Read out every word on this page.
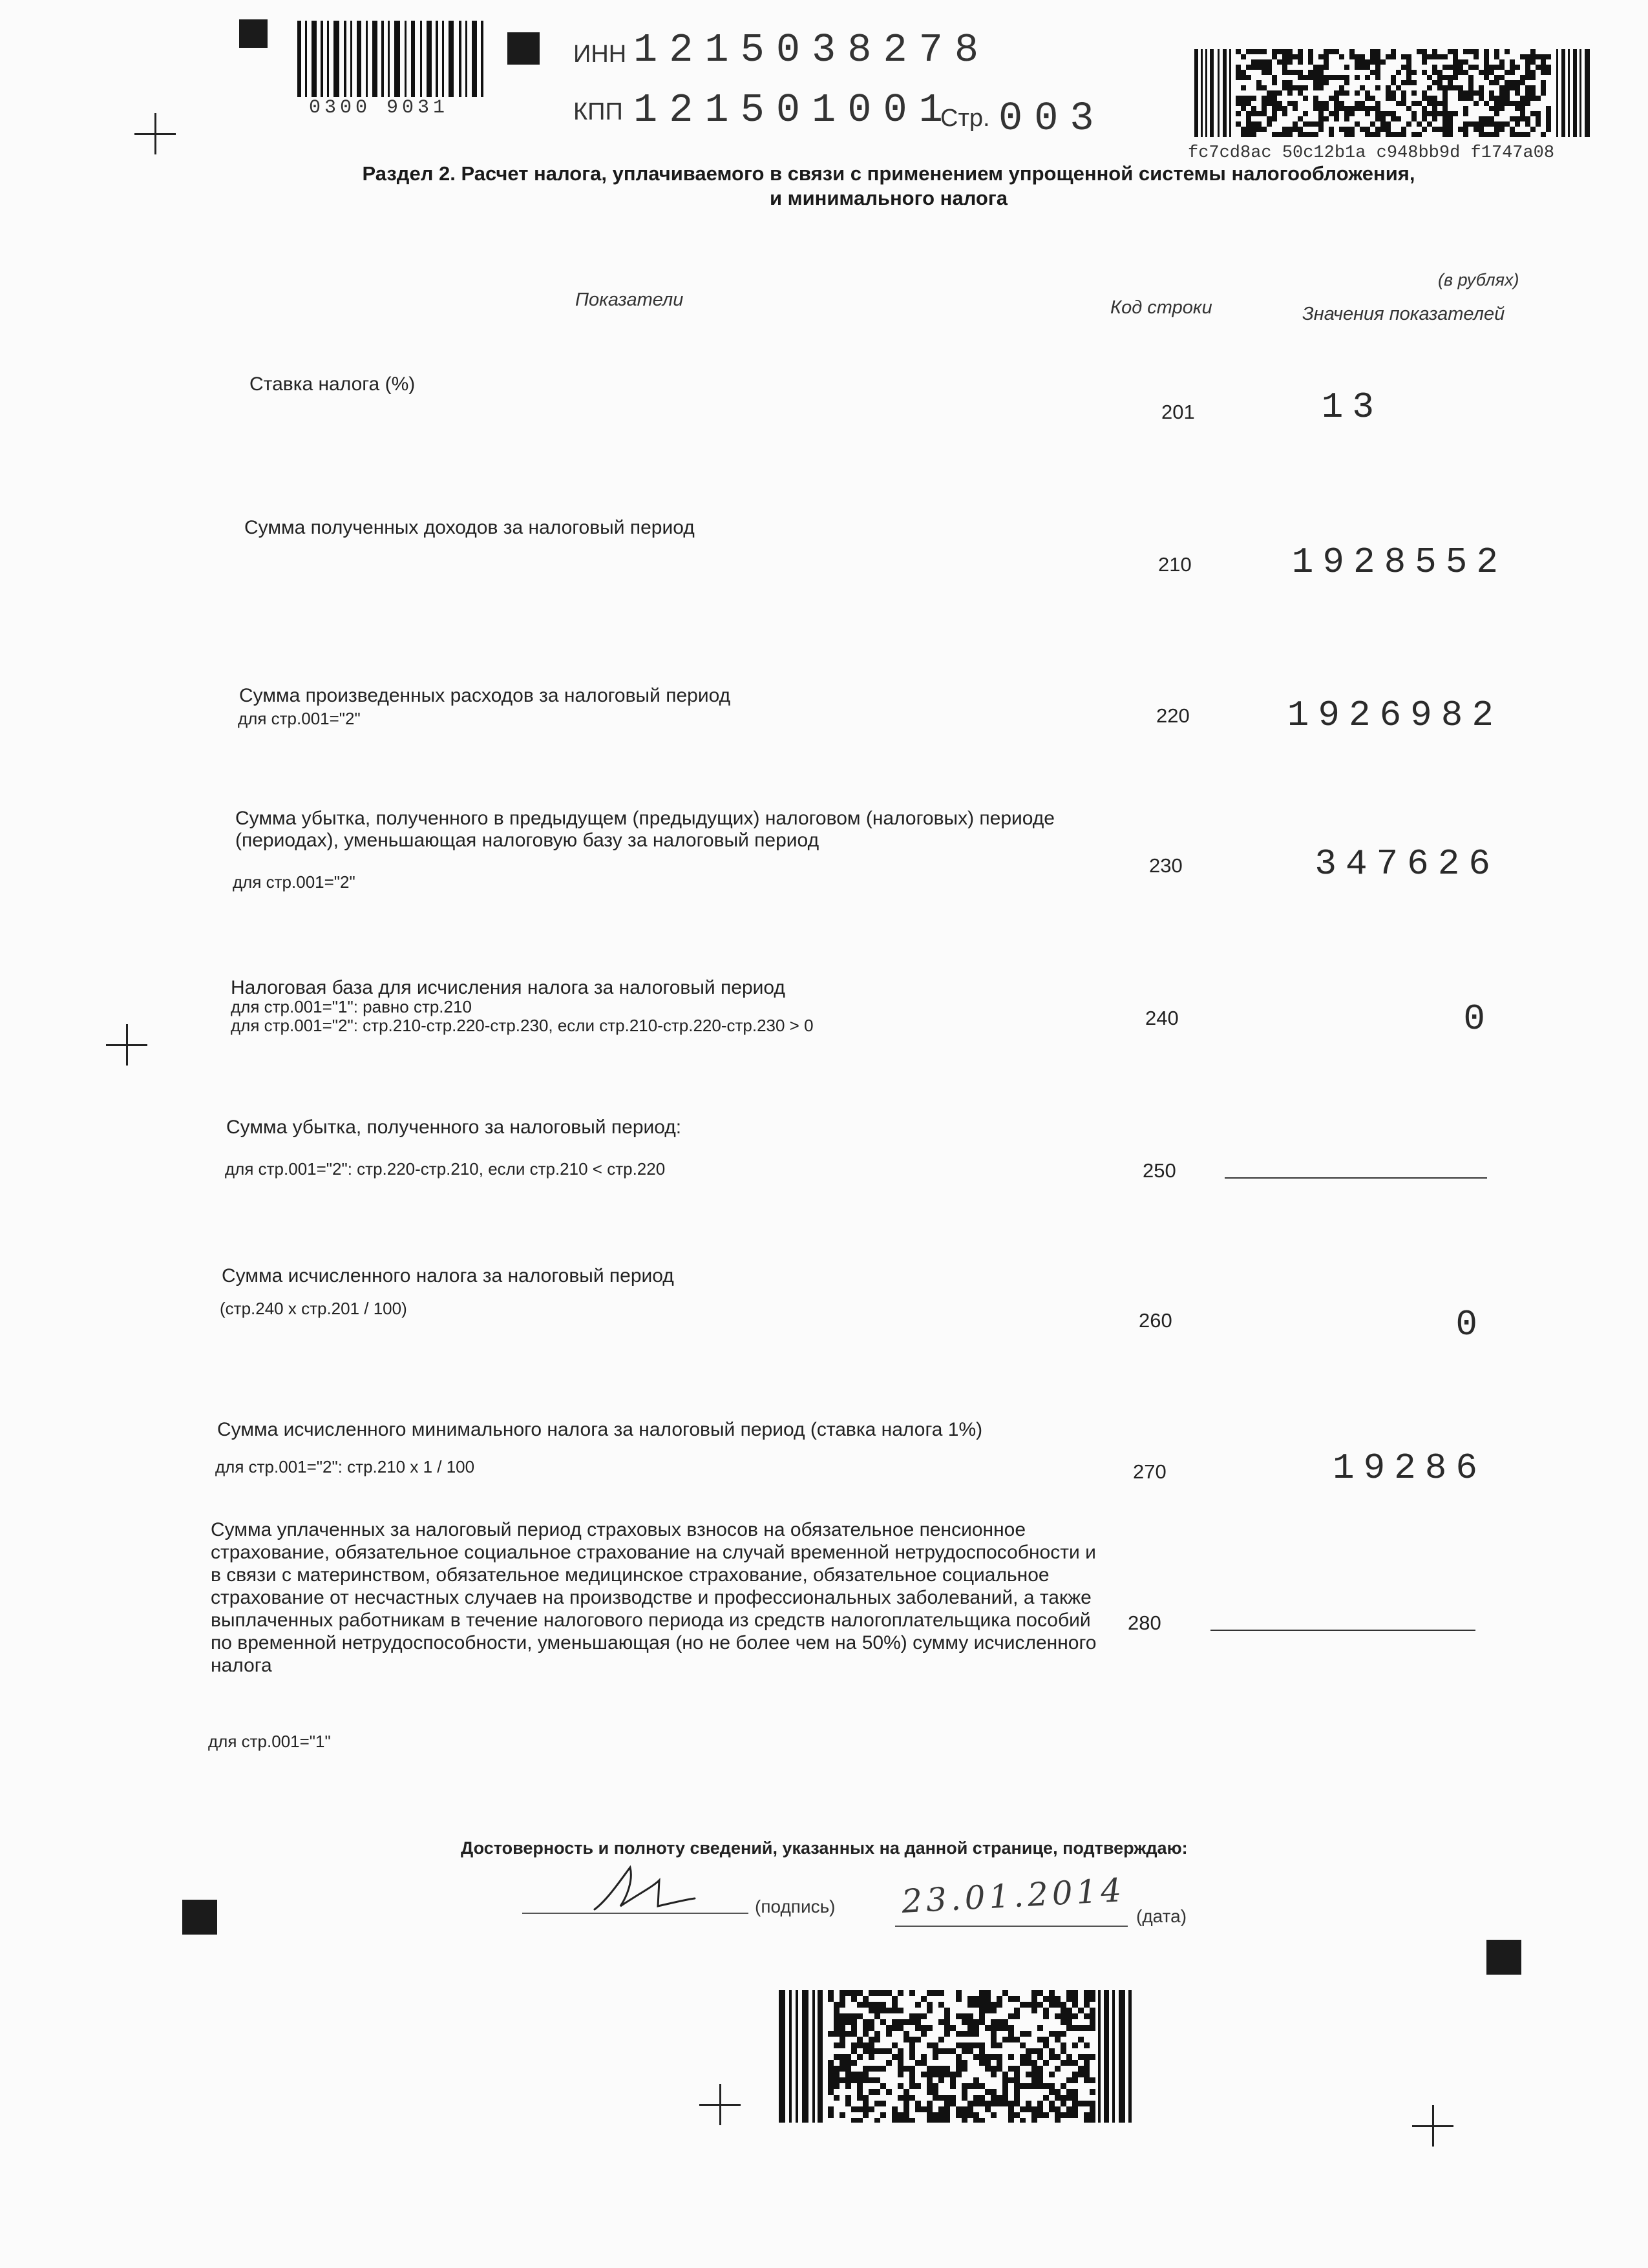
0300 9031
ИНН 1215038278
КПП 121501001
Стр. 003
fc7cd8ac 50c12b1a c948bb9d f1747a08
Раздел 2. Расчет налога, уплачиваемого в связи с применением упрощенной системы налогообложения,
и минимального налога
(в рублях)
Показатели	Код строки	Значения показателей
Ставка налога (%)
201	13
Сумма полученных доходов за налоговый период
210	1928552
Сумма произведенных расходов за налоговый период
для стр.001="2"	220	1926982
Сумма убытка, полученного в предыдущем (предыдущих) налоговом (налоговых) периоде (периодах), уменьшающая налоговую базу за налоговый период
для стр.001="2"
230	347626
Налоговая база для исчисления налога за налоговый период
для стр.001="1": равно стр.210
для стр.001="2": стр.210-стр.220-стр.230, если стр.210-стр.220-стр.230 > 0	240	0
Сумма убытка, полученного за налоговый период:
для стр.001="2": стр.220-стр.210, если стр.210 < стр.220	250
Сумма исчисленного налога за налоговый период
(стр.240 х стр.201 / 100)
260	0
Сумма исчисленного минимального налога за налоговый период (ставка налога 1%)
для стр.001="2": стр.210 х 1 / 100	270	19286
Сумма уплаченных за налоговый период страховых взносов на обязательное пенсионное страхование, обязательное социальное страхование на случай временной нетрудоспособности и в связи с материнством, обязательное медицинское страхование, обязательное социальное страхование от несчастных случаев на производстве и профессиональных заболеваний, а также выплаченных работникам в течение налогового периода из средств налогоплательщика пособий по временной нетрудоспособности, уменьшающая (но не более чем на 50%) сумму исчисленного налога
для стр.001="1"
280
Достоверность и полноту сведений, указанных на данной странице, подтверждаю:
(подпись) 23.01.2014 (дата)
